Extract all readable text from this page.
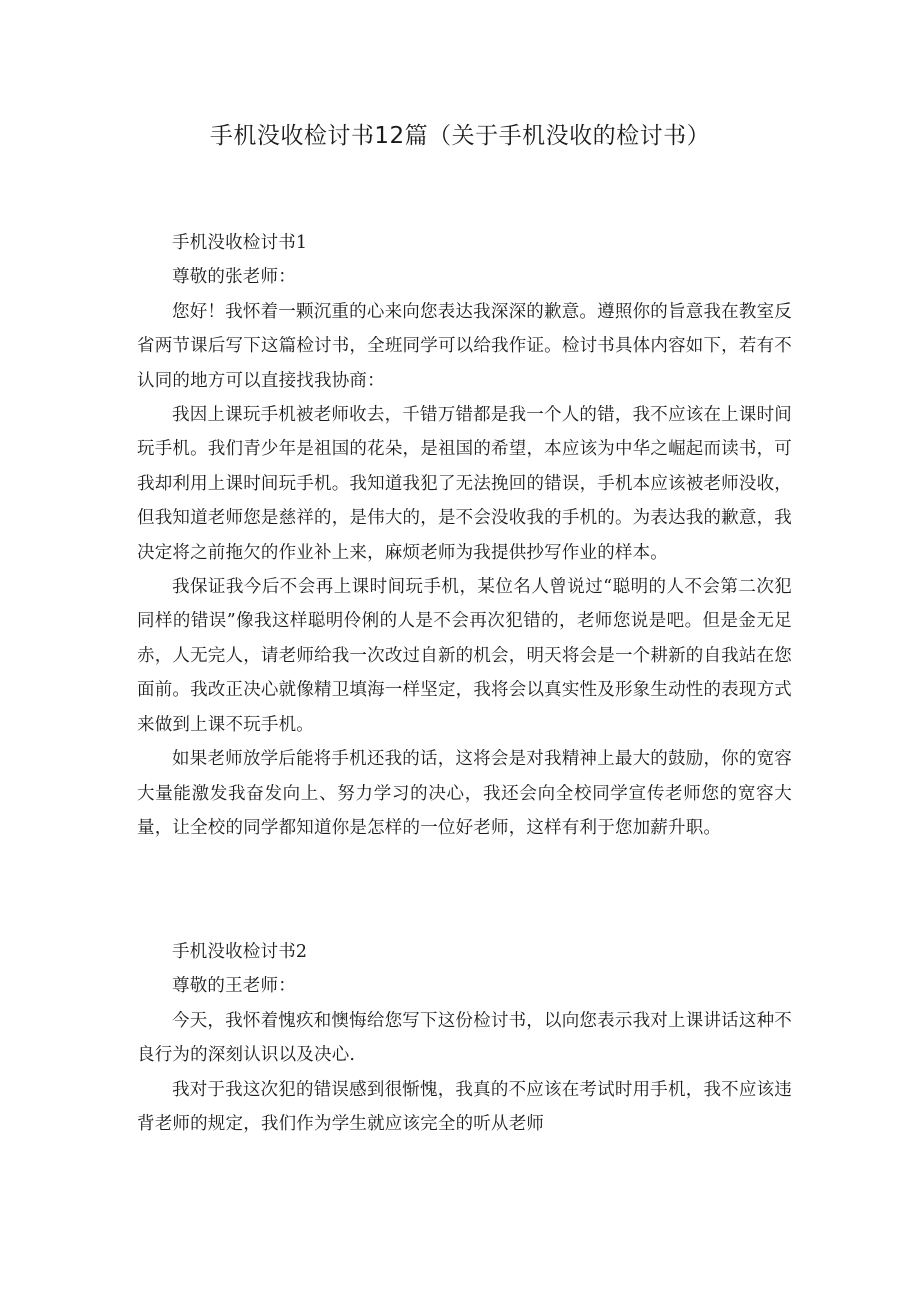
手机没收检讨书12篇（关于手机没收的检讨书）

手机没收检讨书1

尊敬的张老师：

您好！我怀着一颗沉重的心来向您表达我深深的歉意。遵照你的旨意我在教室反省两节课后写下这篇检讨书，全班同学可以给我作证。检讨书具体内容如下，若有不认同的地方可以直接找我协商：

我因上课玩手机被老师收去，千错万错都是我一个人的错，我不应该在上课时间玩手机。我们青少年是祖国的花朵，是祖国的希望，本应该为中华之崛起而读书，可我却利用上课时间玩手机。我知道我犯了无法挽回的错误，手机本应该被老师没收，但我知道老师您是慈祥的，是伟大的，是不会没收我的手机的。为表达我的歉意，我决定将之前拖欠的作业补上来，麻烦老师为我提供抄写作业的样本。

我保证我今后不会再上课时间玩手机，某位名人曾说过“聪明的人不会第二次犯同样的错误”像我这样聪明伶俐的人是不会再次犯错的，老师您说是吧。但是金无足赤，人无完人，请老师给我一次改过自新的机会，明天将会是一个耕新的自我站在您面前。我改正决心就像精卫填海一样坚定，我将会以真实性及形象生动性的表现方式来做到上课不玩手机。

如果老师放学后能将手机还我的话，这将会是对我精神上最大的鼓励，你的宽容大量能激发我奋发向上、努力学习的决心，我还会向全校同学宣传老师您的宽容大量，让全校的同学都知道你是怎样的一位好老师，这样有利于您加薪升职。

手机没收检讨书2

尊敬的王老师：

今天，我怀着愧疚和懊悔给您写下这份检讨书，以向您表示我对上课讲话这种不良行为的深刻认识以及决心.

我对于我这次犯的错误感到很惭愧，我真的不应该在考试时用手机，我不应该违背老师的规定，我们作为学生就应该完全的听从老师
